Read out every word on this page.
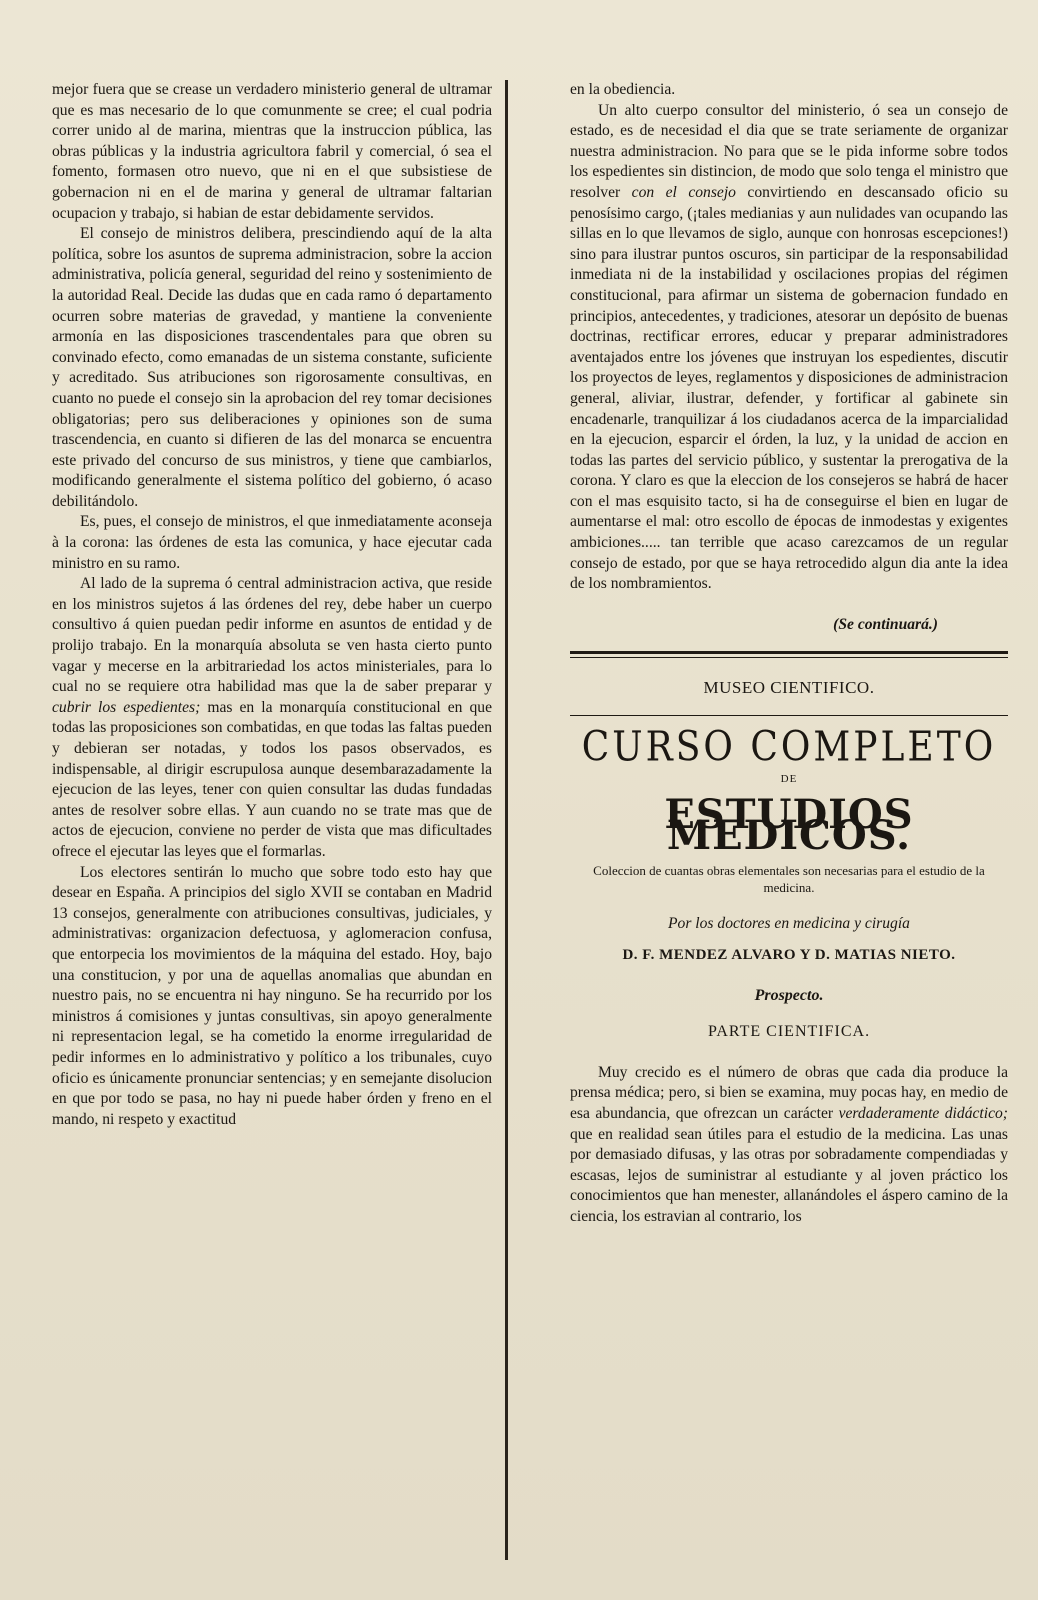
mejor fuera que se crease un verdadero ministerio general de ultramar que es mas necesario de lo que comunmente se cree; el cual podria correr unido al de marina, mientras que la instruccion pública, las obras públicas y la industria agricultora fabril y comercial, ó sea el fomento, formasen otro nuevo, que ni en el que subsistiese de gobernacion ni en el de marina y general de ultramar faltarian ocupacion y trabajo, si habian de estar debidamente servidos.

El consejo de ministros delibera, prescindiendo aquí de la alta política, sobre los asuntos de suprema administracion, sobre la accion administrativa, policía general, seguridad del reino y sostenimiento de la autoridad Real. Decide las dudas que en cada ramo ó departamento ocurren sobre materias de gravedad, y mantiene la conveniente armonía en las disposiciones trascendentales para que obren su convinado efecto, como emanadas de un sistema constante, suficiente y acreditado. Sus atribuciones son rigorosamente consultivas, en cuanto no puede el consejo sin la aprobacion del rey tomar decisiones obligatorias; pero sus deliberaciones y opiniones son de suma trascendencia, en cuanto si difieren de las del monarca se encuentra este privado del concurso de sus ministros, y tiene que cambiarlos, modificando generalmente el sistema político del gobierno, ó acaso debilitándolo.

Es, pues, el consejo de ministros, el que inmediatamente aconseja à la corona: las órdenes de esta las comunica, y hace ejecutar cada ministro en su ramo.

Al lado de la suprema ó central administracion activa, que reside en los ministros sujetos á las órdenes del rey, debe haber un cuerpo consultivo á quien puedan pedir informe en asuntos de entidad y de prolijo trabajo. En la monarquía absoluta se ven hasta cierto punto vagar y mecerse en la arbitrariedad los actos ministeriales, para lo cual no se requiere otra habilidad mas que la de saber preparar y cubrir los espedientes; mas en la monarquía constitucional en que todas las proposiciones son combatidas, en que todas las faltas pueden y debieran ser notadas, y todos los pasos observados, es indispensable, al dirigir escrupulosa aunque desembarazadamente la ejecucion de las leyes, tener con quien consultar las dudas fundadas antes de resolver sobre ellas. Y aun cuando no se trate mas que de actos de ejecucion, conviene no perder de vista que mas dificultades ofrece el ejecutar las leyes que el formarlas.

Los electores sentirán lo mucho que sobre todo esto hay que desear en España. A principios del siglo XVII se contaban en Madrid 13 consejos, generalmente con atribuciones consultivas, judiciales, y administrativas: organizacion defectuosa, y aglomeracion confusa, que entorpecia los movimientos de la máquina del estado. Hoy, bajo una constitucion, y por una de aquellas anomalias que abundan en nuestro pais, no se encuentra ni hay ninguno. Se ha recurrido por los ministros á comisiones y juntas consultivas, sin apoyo generalmente ni representacion legal, se ha cometido la enorme irregularidad de pedir informes en lo administrativo y político a los tribunales, cuyo oficio es únicamente pronunciar sentencias; y en semejante disolucion en que por todo se pasa, no hay ni puede haber órden y freno en el mando, ni respeto y exactitud

en la obediencia.

Un alto cuerpo consultor del ministerio, ó sea un consejo de estado, es de necesidad el dia que se trate seriamente de organizar nuestra administracion. No para que se le pida informe sobre todos los espedientes sin distincion, de modo que solo tenga el ministro que resolver con el consejo convirtiendo en descansado oficio su penosísimo cargo, (¡tales medianias y aun nulidades van ocupando las sillas en lo que llevamos de siglo, aunque con honrosas escepciones!) sino para ilustrar puntos oscuros, sin participar de la responsabilidad inmediata ni de la instabilidad y oscilaciones propias del régimen constitucional, para afirmar un sistema de gobernacion fundado en principios, antecedentes, y tradiciones, atesorar un depósito de buenas doctrinas, rectificar errores, educar y preparar administradores aventajados entre los jóvenes que instruyan los espedientes, discutir los proyectos de leyes, reglamentos y disposiciones de administracion general, aliviar, ilustrar, defender, y fortificar al gabinete sin encadenarle, tranquilizar á los ciudadanos acerca de la imparcialidad en la ejecucion, esparcir el órden, la luz, y la unidad de accion en todas las partes del servicio público, y sustentar la prerogativa de la corona. Y claro es que la eleccion de los consejeros se habrá de hacer con el mas esquisito tacto, si ha de conseguirse el bien en lugar de aumentarse el mal: otro escollo de épocas de inmodestas y exigentes ambiciones..... tan terrible que acaso carezcamos de un regular consejo de estado, por que se haya retrocedido algun dia ante la idea de los nombramientos.

(Se continuará.)
MUSEO CIENTIFICO.
CURSO COMPLETO
DE
ESTUDIOS MEDICOS.
Coleccion de cuantas obras elementales son necesarias para el estudio de la medicina.
Por los doctores en medicina y cirugía
D. F. MENDEZ ALVARO Y D. MATIAS NIETO.
Prospecto.
PARTE CIENTIFICA.

Muy crecido es el número de obras que cada dia produce la prensa médica; pero, si bien se examina, muy pocas hay, en medio de esa abundancia, que ofrezcan un carácter verdaderamente didáctico; que en realidad sean útiles para el estudio de la medicina. Las unas por demasiado difusas, y las otras por sobradamente compendiadas y escasas, lejos de suministrar al estudiante y al joven práctico los conocimientos que han menester, allanándoles el áspero camino de la ciencia, los estravian al contrario, los
